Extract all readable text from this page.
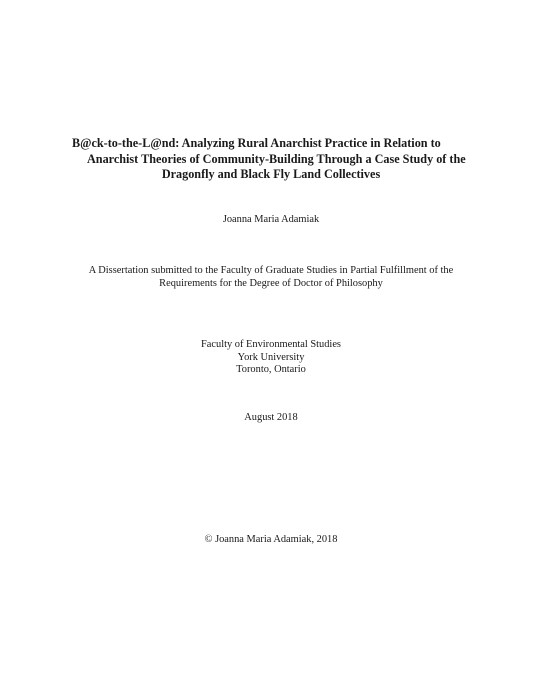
B@ck-to-the-L@nd: Analyzing Rural Anarchist Practice in Relation to
Anarchist Theories of Community-Building Through a Case Study of the
Dragonfly and Black Fly Land Collectives
Joanna Maria Adamiak
A Dissertation submitted to the Faculty of Graduate Studies in Partial Fulfillment of the
Requirements for the Degree of Doctor of Philosophy
Faculty of Environmental Studies
York University
Toronto, Ontario
August 2018
© Joanna Maria Adamiak, 2018
